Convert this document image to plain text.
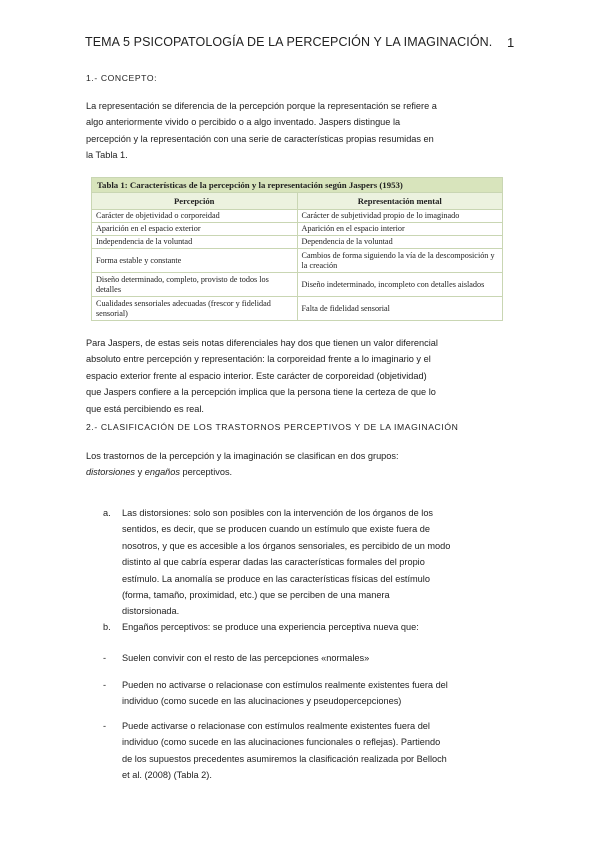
TEMA 5 PSICOPATOLOGÍA DE LA PERCEPCIÓN Y LA IMAGINACIÓN. 1
1.- CONCEPTO:
La representación se diferencia de la percepción porque la representación se refiere a
algo anteriormente vivido o percibido o a algo inventado. Jaspers distingue la
percepción y la representación con una serie de características propias resumidas en
la Tabla 1.
Tabla 1: Características de la percepción y la representación según Jaspers (1953)	
Percepción	Representación mental
Carácter de objetividad o corporeidad	Carácter de subjetividad propio de lo imaginado
Aparición en el espacio exterior	Aparición en el espacio interior
Independencia de la voluntad	Dependencia de la voluntad
Forma estable y constante	Cambios de forma siguiendo la vía de la descomposición y la creación
Diseño determinado, completo, provisto de todos los detalles	Diseño indeterminado, incompleto con detalles aislados
Cualidades sensoriales adecuadas (frescor y fidelidad sensorial)	Falta de fidelidad sensorial
Para Jaspers, de estas seis notas diferenciales hay dos que tienen un valor diferencial
absoluto entre percepción y representación: la corporeidad frente a lo imaginario y el
espacio exterior frente al espacio interior. Este carácter de corporeidad (objetividad)
que Jaspers confiere a la percepción implica que la persona tiene la certeza de que lo
que está percibiendo es real.
2.- CLASIFICACIÓN DE LOS TRASTORNOS PERCEPTIVOS Y DE LA IMAGINACIÓN
Los trastornos de la percepción y la imaginación se clasifican en dos grupos:
distorsiones y engaños perceptivos.
a. Las distorsiones: solo son posibles con la intervención de los órganos de los
sentidos, es decir, que se producen cuando un estímulo que existe fuera de
nosotros, y que es accesible a los órganos sensoriales, es percibido de un modo
distinto al que cabría esperar dadas las características formales del propio
estímulo. La anomalía se produce en las características físicas del estímulo
(forma, tamaño, proximidad, etc.) que se perciben de una manera
distorsionada.
b. Engaños perceptivos: se produce una experiencia perceptiva nueva que:
- Suelen convivir con el resto de las percepciones «normales»
- Pueden no activarse o relacionase con estímulos realmente existentes fuera del
individuo (como sucede en las alucinaciones y pseudopercepciones)
- Puede activarse o relacionase con estímulos realmente existentes fuera del
individuo (como sucede en las alucinaciones funcionales o reflejas). Partiendo
de los supuestos precedentes asumiremos la clasificación realizada por Belloch
et al. (2008) (Tabla 2).
